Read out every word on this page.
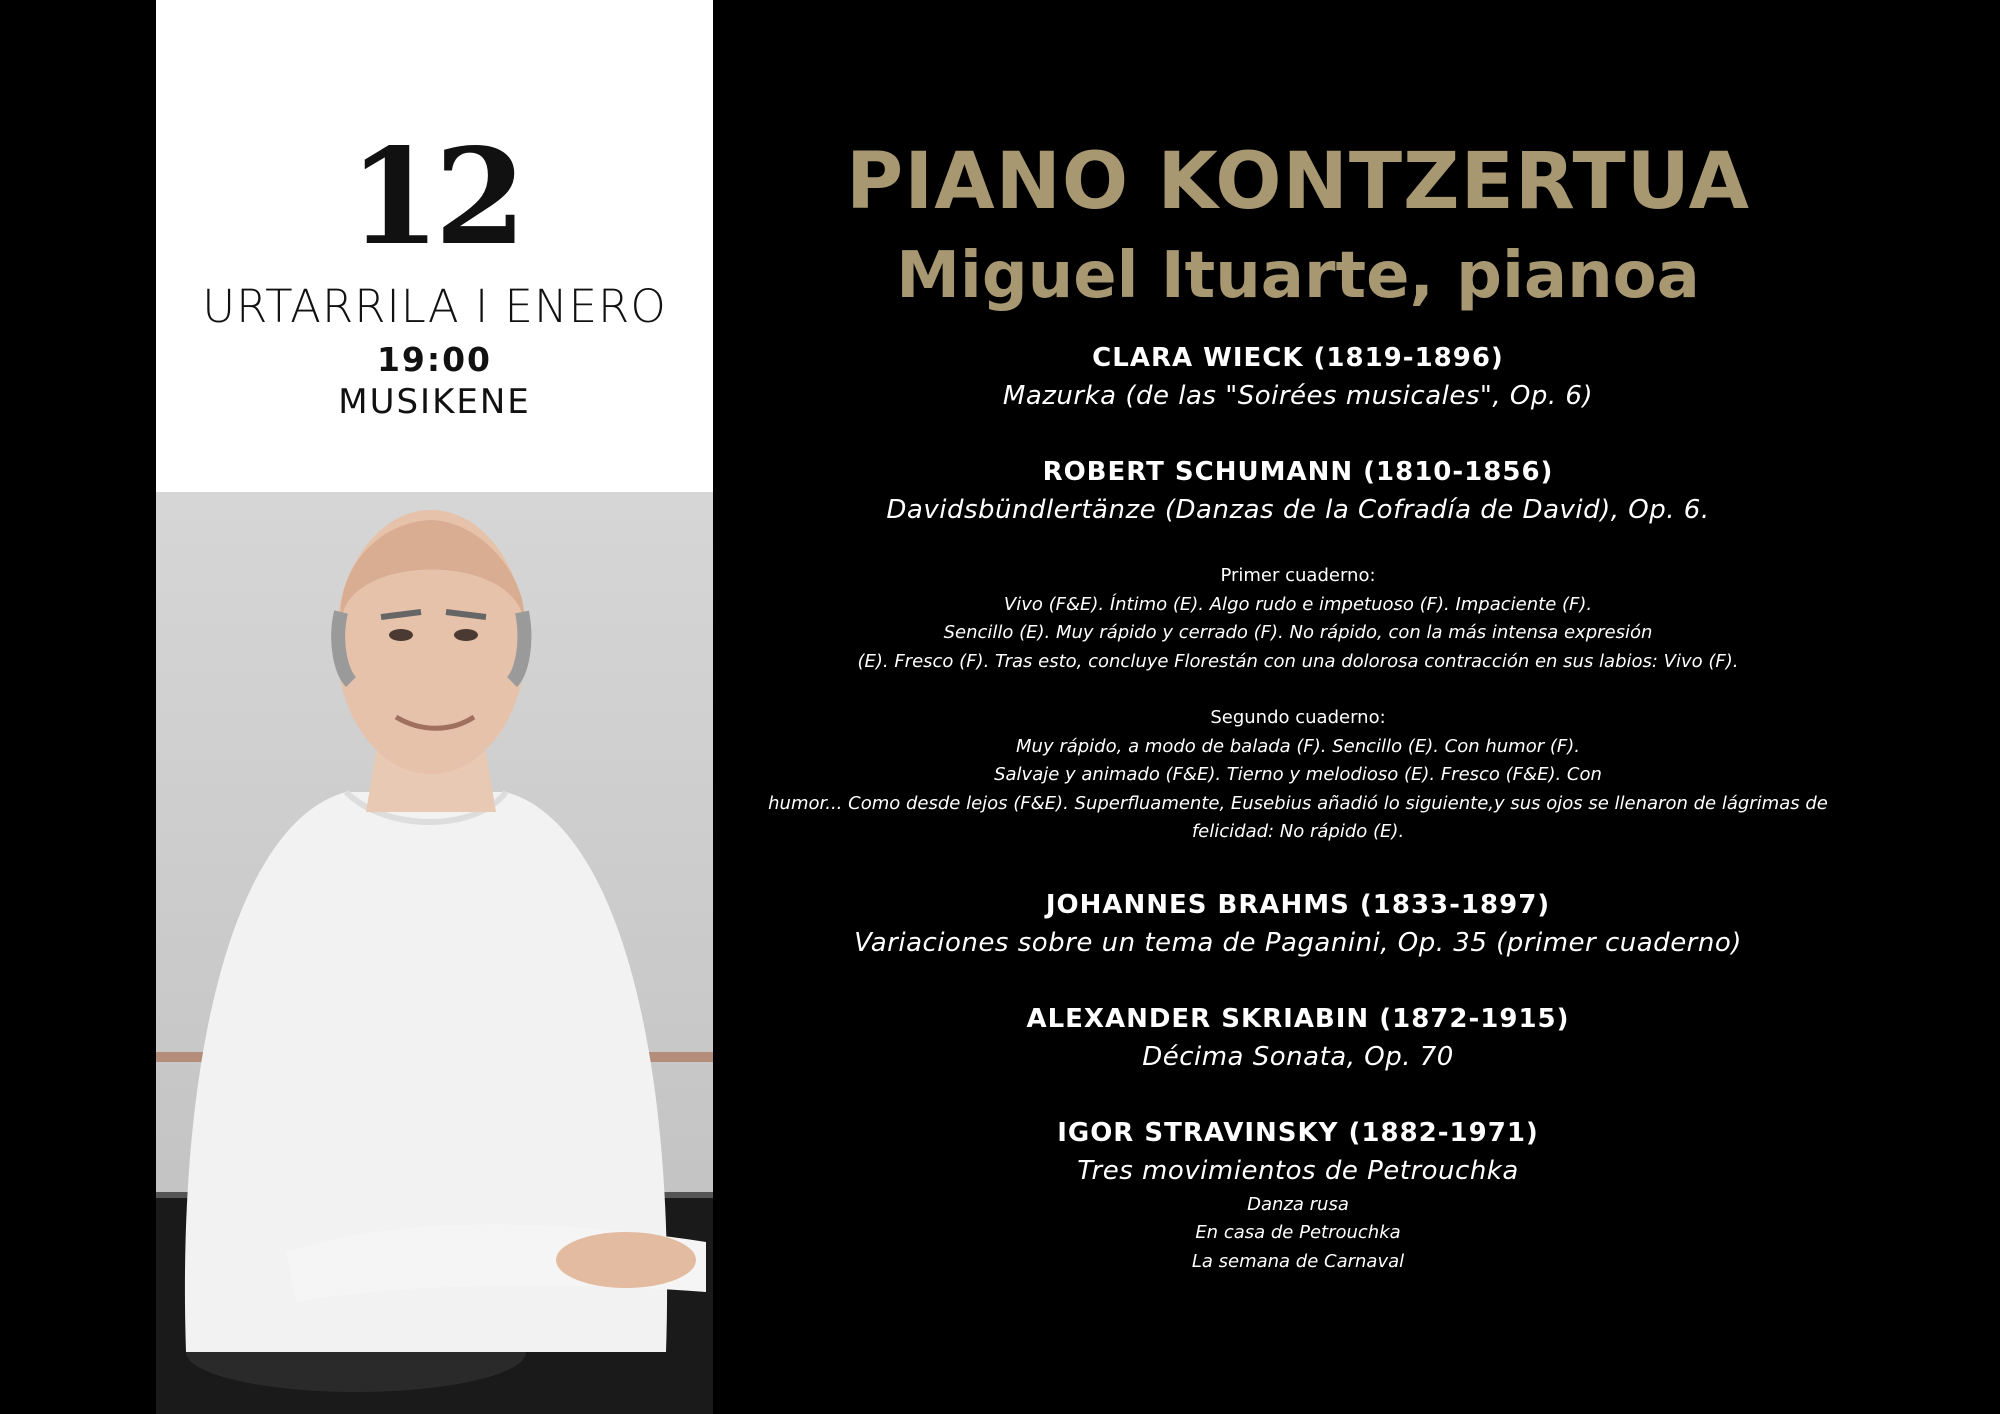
12
URTARRILA I ENERO
19:00
MUSIKENE
PIANO KONTZERTUA
Miguel Ituarte, pianoa

CLARA WIECK (1819-1896)

Mazurka (de las "Soirées musicales", Op. 6)

ROBERT SCHUMANN (1810-1856)

Davidsbündlertänze (Danzas de la Cofradía de David), Op. 6.

Primer cuaderno:

Vivo (F&E). Íntimo (E). Algo rudo e impetuoso (F). Impaciente (F).

Sencillo (E). Muy rápido y cerrado (F). No rápido, con la más intensa expresión

(E). Fresco (F). Tras esto, concluye Florestán con una dolorosa contracción en sus labios: Vivo (F).

Segundo cuaderno:

Muy rápido, a modo de balada (F). Sencillo (E). Con humor (F).

Salvaje y animado (F&E). Tierno y melodioso (E). Fresco (F&E). Con

humor... Como desde lejos (F&E). Superfluamente, Eusebius añadió lo siguiente,y sus ojos se llenaron de lágrimas de

felicidad: No rápido (E).

JOHANNES BRAHMS (1833-1897)

Variaciones sobre un tema de Paganini, Op. 35 (primer cuaderno)

ALEXANDER SKRIABIN (1872-1915)

Décima Sonata, Op. 70

IGOR STRAVINSKY (1882-1971)

Tres movimientos de Petrouchka

Danza rusa

En casa de Petrouchka

La semana de Carnaval
